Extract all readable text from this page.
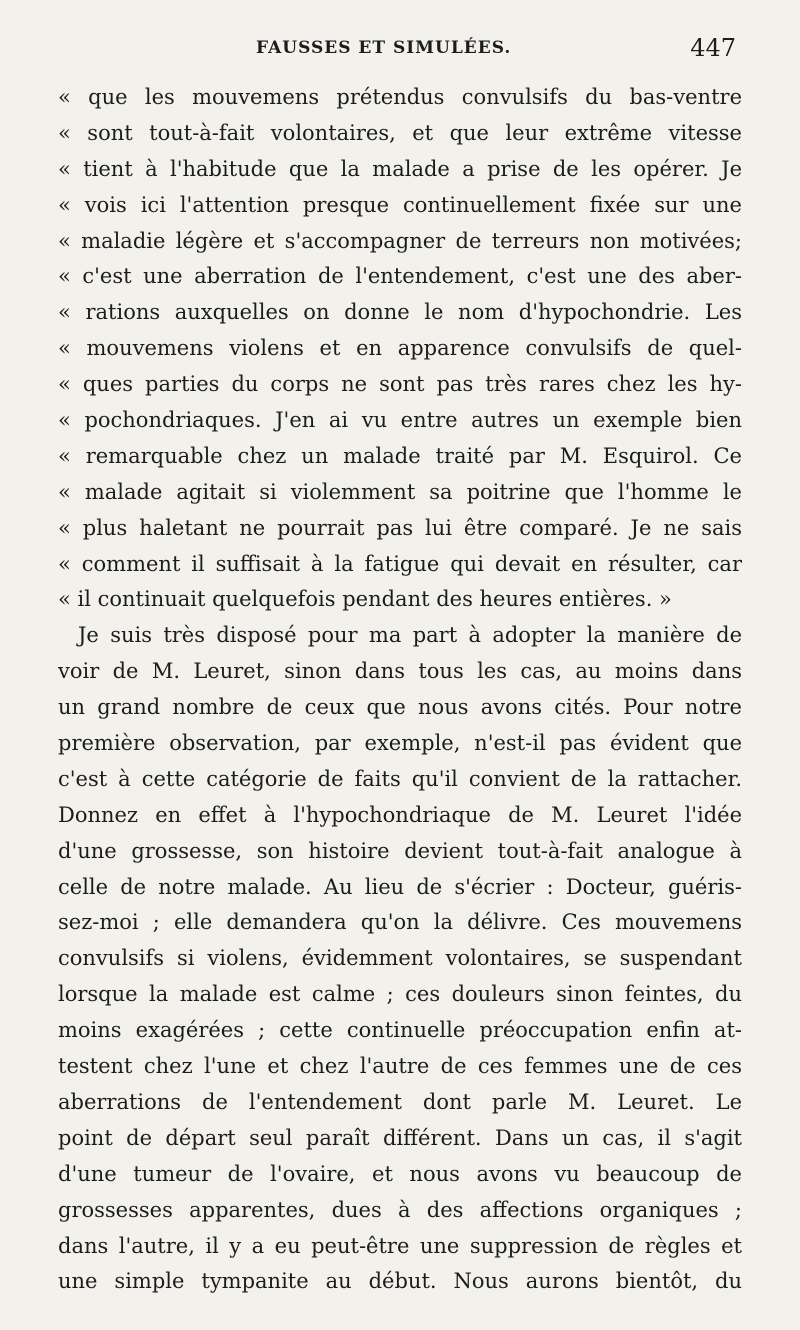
FAUSSES ET SIMULÉES.	447
« que les mouvemens prétendus convulsifs du bas-ventre
« sont tout-à-fait volontaires, et que leur extrême vitesse
« tient à l'habitude que la malade a prise de les opérer. Je
« vois ici l'attention presque continuellement fixée sur une
« maladie légère et s'accompagner de terreurs non motivées;
« c'est une aberration de l'entendement, c'est une des aber-
« rations auxquelles on donne le nom d'hypochondrie. Les
« mouvemens violens et en apparence convulsifs de quel-
« ques parties du corps ne sont pas très rares chez les hy-
« pochondriaques. J'en ai vu entre autres un exemple bien
« remarquable chez un malade traité par M. Esquirol. Ce
« malade agitait si violemment sa poitrine que l'homme le
« plus haletant ne pourrait pas lui être comparé. Je ne sais
« comment il suffisait à la fatigue qui devait en résulter, car
« il continuait quelquefois pendant des heures entières. »
Je suis très disposé pour ma part à adopter la manière de
voir de M. Leuret, sinon dans tous les cas, au moins dans
un grand nombre de ceux que nous avons cités. Pour notre
première observation, par exemple, n'est-il pas évident que
c'est à cette catégorie de faits qu'il convient de la rattacher.
Donnez en effet à l'hypochondriaque de M. Leuret l'idée
d'une grossesse, son histoire devient tout-à-fait analogue à
celle de notre malade. Au lieu de s'écrier : Docteur, guéris-
sez-moi ; elle demandera qu'on la délivre. Ces mouvemens
convulsifs si violens, évidemment volontaires, se suspendant
lorsque la malade est calme ; ces douleurs sinon feintes, du
moins exagérées ; cette continuelle préoccupation enfin at-
testent chez l'une et chez l'autre de ces femmes une de ces
aberrations de l'entendement dont parle M. Leuret. Le
point de départ seul paraît différent. Dans un cas, il s'agit
d'une tumeur de l'ovaire, et nous avons vu beaucoup de
grossesses apparentes, dues à des affections organiques ;
dans l'autre, il y a eu peut-être une suppression de règles et
une simple tympanite au début. Nous aurons bientôt, du
